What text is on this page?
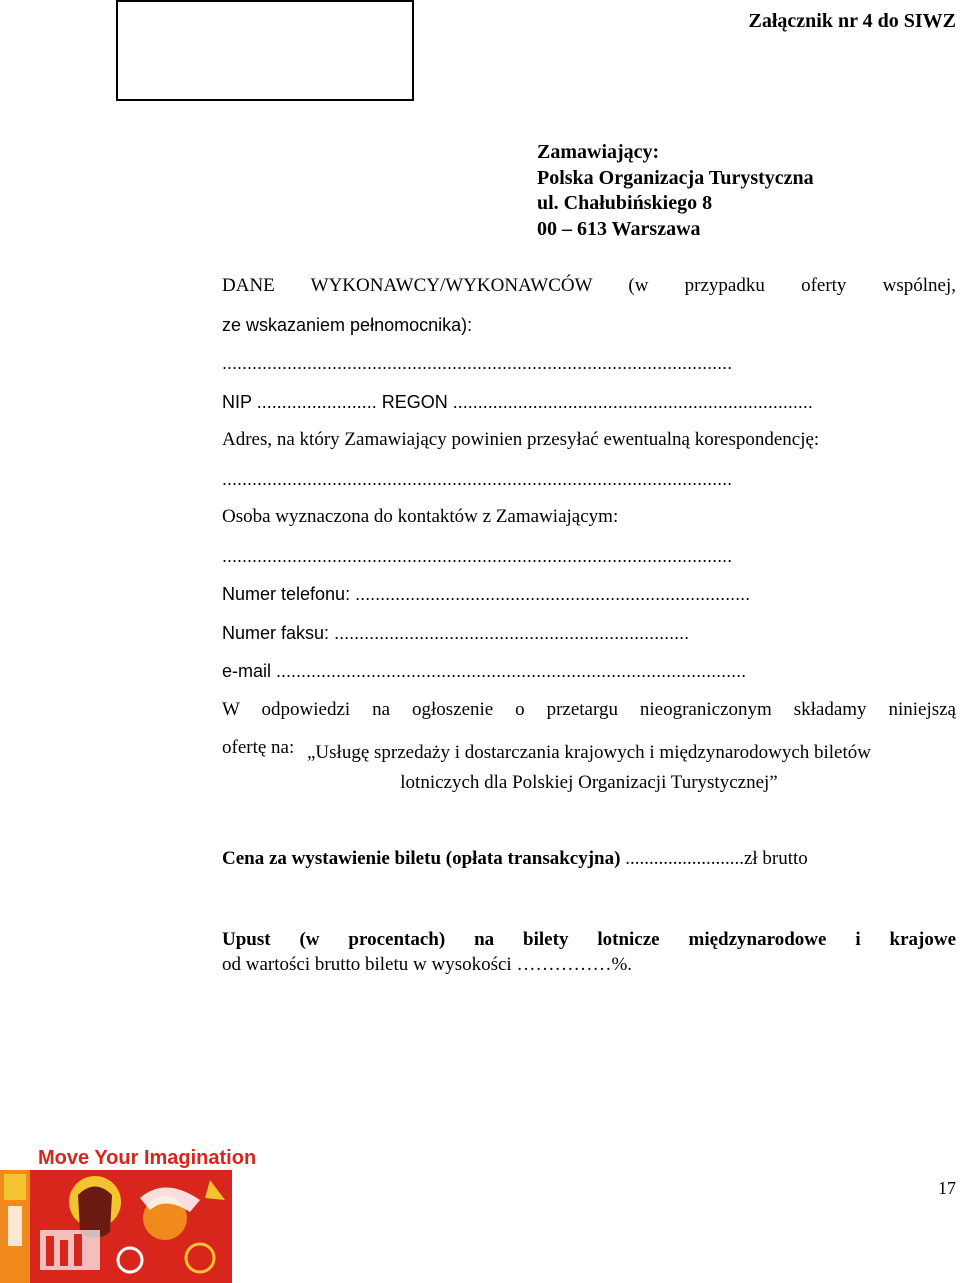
Załącznik nr 4 do SIWZ
Zamawiający:
Polska Organizacja Turystyczna
ul. Chałubińskiego 8
00 – 613 Warszawa
DANE WYKONAWCY/WYKONAWCÓW (w przypadku oferty wspólnej,
ze wskazaniem pełnomocnika):
......................................................................................................
NIP ........................ REGON ........................................................................
Adres, na który Zamawiający powinien przesyłać ewentualną korespondencję:
......................................................................................................
Osoba wyznaczona do kontaktów z Zamawiającym:
......................................................................................................
Numer telefonu: ...............................................................................
Numer faksu: .......................................................................
e-mail ..............................................................................................
W odpowiedzi na ogłoszenie o przetargu nieograniczonym składamy niniejszą
ofertę na: „Usługę sprzedaży i dostarczania krajowych i międzynarodowych biletów
lotniczych dla Polskiej Organizacji Turystycznej”
Cena za wystawienie biletu (opłata transakcyjna) .........................zł brutto
Upust (w procentach) na bilety lotnicze międzynarodowe i krajowe
od wartości brutto biletu w wysokości ……………%.
17
Move Your Imagination
